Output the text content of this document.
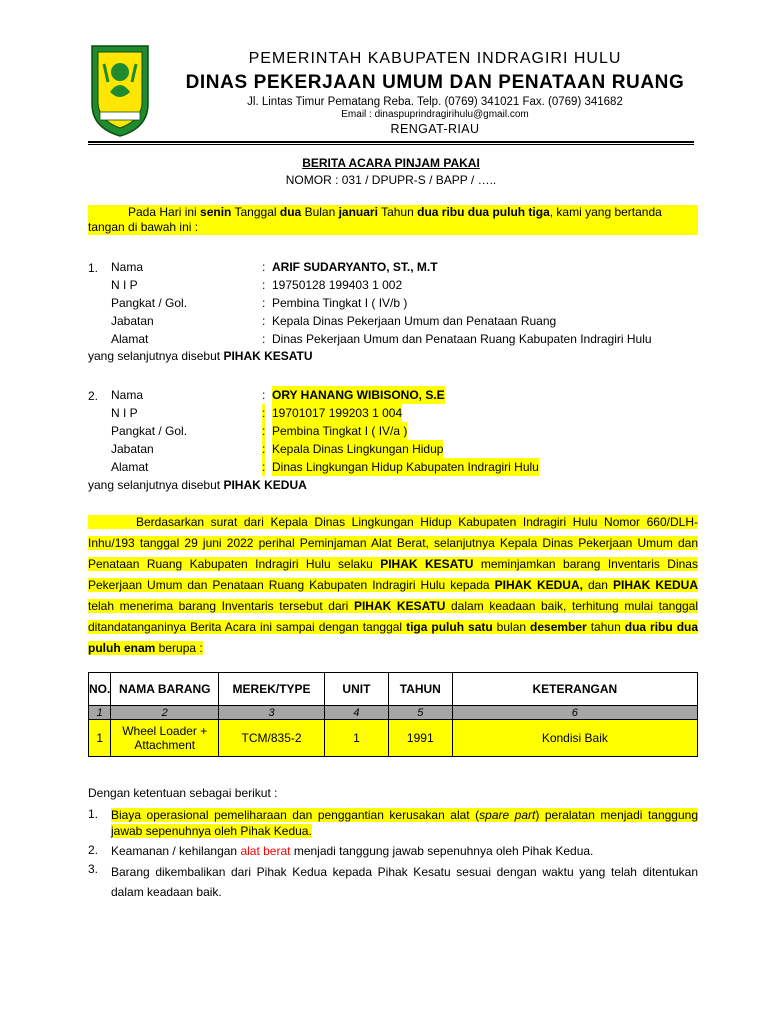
PEMERINTAH KABUPATEN INDRAGIRI HULU
DINAS PEKERJAAN UMUM DAN PENATAAN RUANG
Jl. Lintas Timur Pematang Reba. Telp. (0769) 341021 Fax. (0769) 341682
Email : dinaspuprindragirihulu@gmail.com
RENGAT-RIAU
BERITA ACARA PINJAM PAKAI
NOMOR : 031 / DPUPR-S / BAPP / …..
Pada Hari ini senin Tanggal dua Bulan januari Tahun dua ribu dua puluh tiga, kami yang bertanda
tangan di bawah ini :
1. Nama	: ARIF SUDARYANTO, ST., M.T
N I P	: 19750128 199403 1 002
Pangkat / Gol.	: Pembina Tingkat I ( IV/b )
Jabatan	: Kepala Dinas Pekerjaan Umum dan Penataan Ruang
Alamat	: Dinas Pekerjaan Umum dan Penataan Ruang Kabupaten Indragiri Hulu
yang selanjutnya disebut PIHAK KESATU
2. Nama	: ORY HANANG WIBISONO, S.E
N I P	: 19701017 199203 1 004
Pangkat / Gol.	: Pembina Tingkat I ( IV/a )
Jabatan	: Kepala Dinas Lingkungan Hidup
Alamat	: Dinas Lingkungan Hidup Kabupaten Indragiri Hulu
yang selanjutnya disebut PIHAK KEDUA
Berdasarkan surat dari Kepala Dinas Lingkungan Hidup Kabupaten Indragiri Hulu Nomor 660/DLH-Inhu/193 tanggal 29 juni 2022 perihal Peminjaman Alat Berat, selanjutnya Kepala Dinas Pekerjaan Umum dan Penataan Ruang Kabupaten Indragiri Hulu selaku PIHAK KESATU meminjamkan barang Inventaris Dinas Pekerjaan Umum dan Penataan Ruang Kabupaten Indragiri Hulu kepada PIHAK KEDUA, dan PIHAK KEDUA telah menerima barang Inventaris tersebut dari PIHAK KESATU dalam keadaan baik, terhitung mulai tanggal ditandatanganinya Berita Acara ini sampai dengan tanggal tiga puluh satu bulan desember tahun dua ribu dua puluh enam berupa :
NO.	NAMA BARANG	MEREK/TYPE	UNIT	TAHUN	KETERANGAN
1	2	3	4	5	6
1	Wheel Loader + Attachment	TCM/835-2	1	1991	Kondisi Baik
Dengan ketentuan sebagai berikut :
1. Biaya operasional pemeliharaan dan penggantian kerusakan alat (spare part) peralatan menjadi tanggung jawab sepenuhnya oleh Pihak Kedua.
2. Keamanan / kehilangan alat berat menjadi tanggung jawab sepenuhnya oleh Pihak Kedua.
3. Barang dikembalikan dari Pihak Kedua kepada Pihak Kesatu sesuai dengan waktu yang telah ditentukan dalam keadaan baik.
